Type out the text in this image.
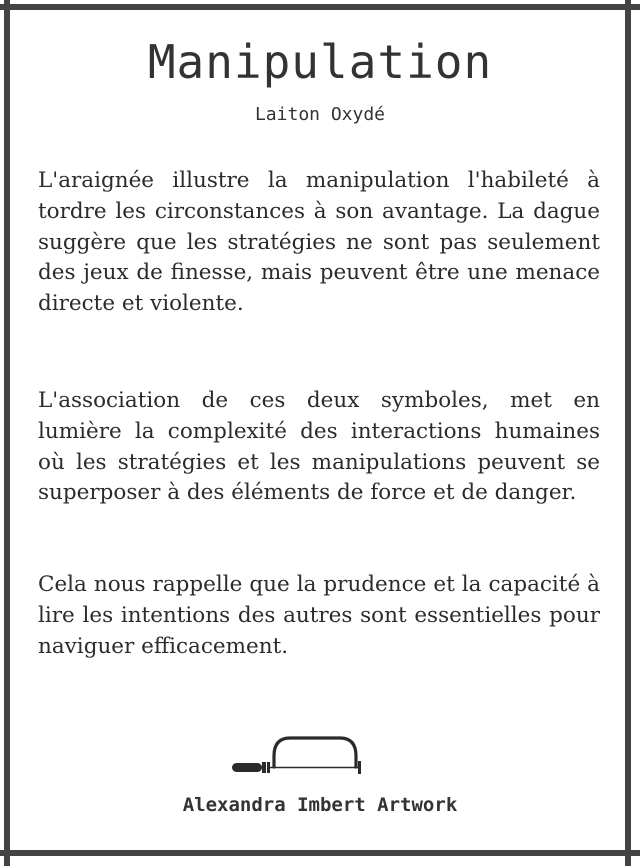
Manipulation
Laiton Oxydé

L'araignée illustre la manipulation l'habileté à tordre les circonstances à son avantage. La dague suggère que les stratégies ne sont pas seulement des jeux de finesse, mais peuvent être une menace directe et violente.

L'association de ces deux symboles, met en lumière la complexité des interactions humaines où les stratégies et les manipulations peuvent se superposer à des éléments de force et de danger.

Cela nous rappelle que la prudence et la capacité à lire les intentions des autres sont essentielles pour naviguer efficacement.

Alexandra Imbert Artwork
